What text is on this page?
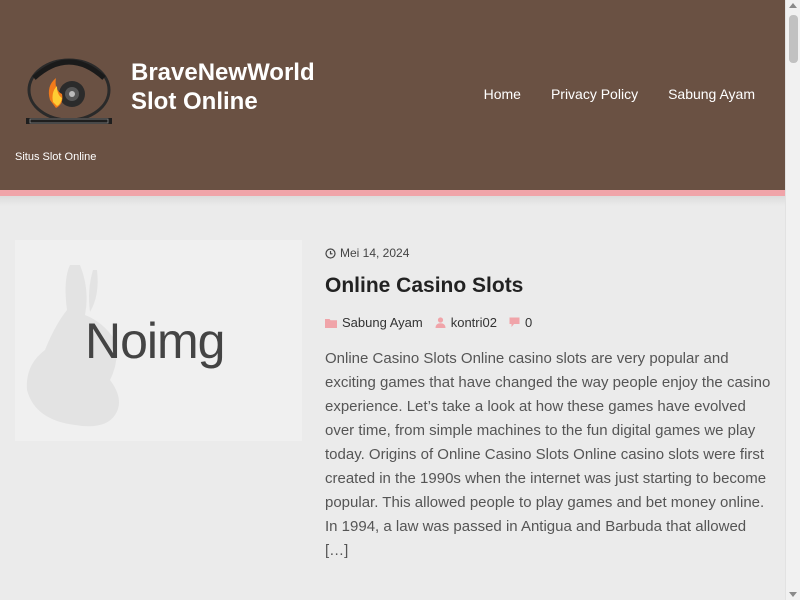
BraveNewWorld Slot Online
Situs Slot Online
Home Privacy Policy Sabung Ayam
Noimg
Mei 14, 2024
Online Casino Slots
Sabung Ayam kontri02 0

Online Casino Slots Online casino slots are very popular and exciting games that have changed the way people enjoy the casino experience. Let’s take a look at how these games have evolved over time, from simple machines to the fun digital games we play today. Origins of Online Casino Slots Online casino slots were first created in the 1990s when the internet was just starting to become popular. This allowed people to play games and bet money online. In 1994, a law was passed in Antigua and Barbuda that allowed […]
